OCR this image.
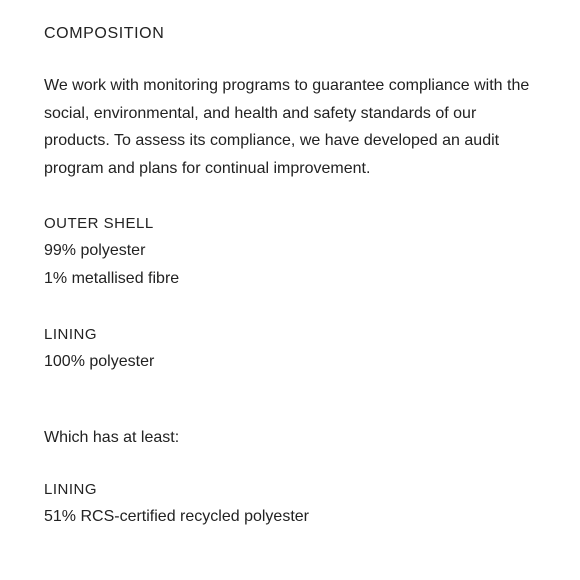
COMPOSITION

We work with monitoring programs to guarantee compliance with the social, environmental, and health and safety standards of our products. To assess its compliance, we have developed an audit program and plans for continual improvement.

OUTER SHELL
99% polyester
1% metallised fibre
LINING
100% polyester

Which has at least:

LINING
51% RCS-certified recycled polyester
